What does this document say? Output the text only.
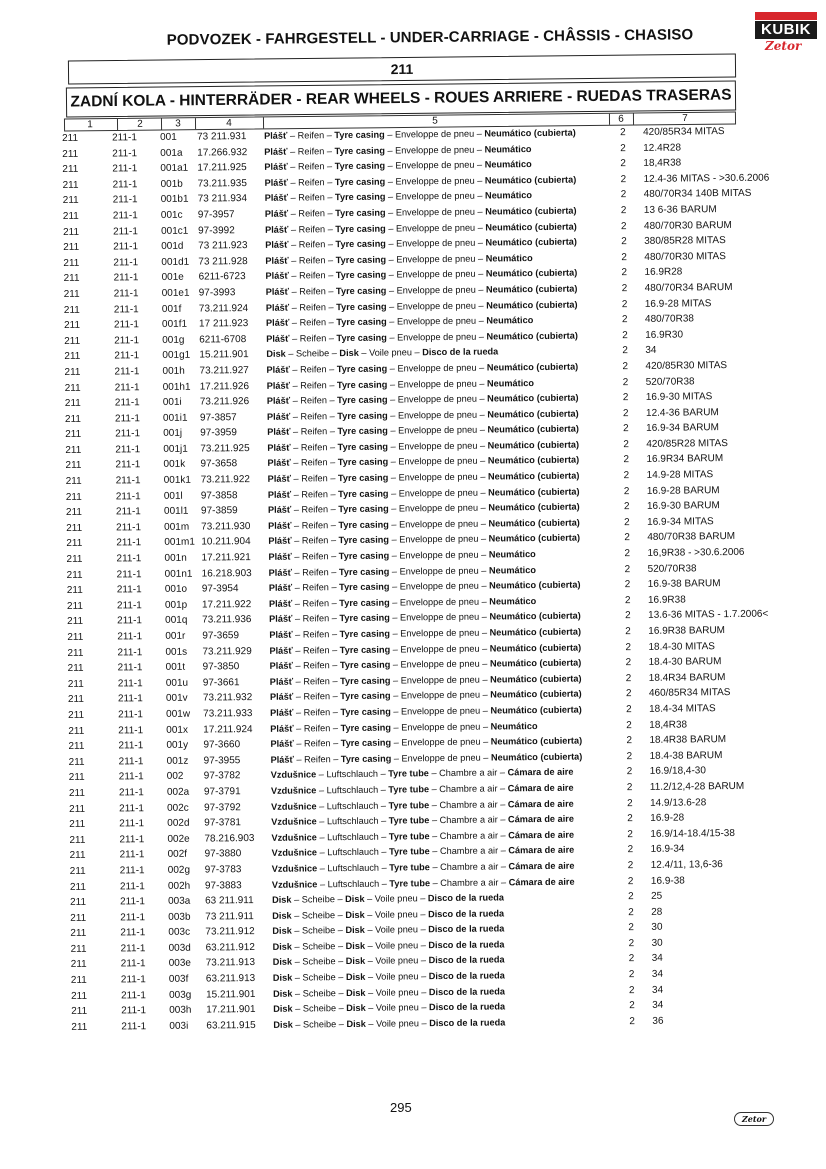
PODVOZEK - FAHRGESTELL - UNDER-CARRIAGE - CHÂSSIS - CHASISO	KUBIK
Zetor
211
ZADNÍ KOLA - HINTERRÄDER - REAR WHEELS - ROUES ARRIERE - RUEDAS TRASERAS
1	2	3	4	5	6	7
211	211-1 001	73 211.931 Plášť – Reifen – Tyre casing – Enveloppe de pneu – Neumático (cubierta)	2 420/85R34 MITAS
211	211-1 001a	17.266.932 Plášť – Reifen – Tyre casing – Enveloppe de pneu – Neumático	2 12.4R28
211	211-1 001a1 17.211.925 Plášť – Reifen – Tyre casing – Enveloppe de pneu – Neumático	2 18,4R38
211	211-1 001b	73.211.935 Plášť – Reifen – Tyre casing – Enveloppe de pneu – Neumático (cubierta)	2 12.4-36 MITAS - >30.6.2006
211	211-1 001b1 73 211.934 Plášť – Reifen – Tyre casing – Enveloppe de pneu – Neumático	2 480/70R34 140B MITAS
211	211-1 001c	97-3957	Plášť – Reifen – Tyre casing – Enveloppe de pneu – Neumático (cubierta)	2 13 6-36 BARUM
211	211-1 001c1 97-3992	Plášť – Reifen – Tyre casing – Enveloppe de pneu – Neumático (cubierta)	2 480/70R30 BARUM
211	211-1 001d	73 211.923 Plášť – Reifen – Tyre casing – Enveloppe de pneu – Neumático (cubierta)	2 380/85R28 MITAS
211	211-1 001d1 73 211.928 Plášť – Reifen – Tyre casing – Enveloppe de pneu – Neumático	2 480/70R30 MITAS
211	211-1 001e	6211-6723 Plášť – Reifen – Tyre casing – Enveloppe de pneu – Neumático (cubierta)	2 16.9R28
211	211-1 001e1 97-3993	Plášť – Reifen – Tyre casing – Enveloppe de pneu – Neumático (cubierta)	2 480/70R34 BARUM
211	211-1 001f	73.211.924 Plášť – Reifen – Tyre casing – Enveloppe de pneu – Neumático (cubierta)	2 16.9-28 MITAS
211	211-1 001f1	17 211.923 Plášť – Reifen – Tyre casing – Enveloppe de pneu – Neumático	2 480/70R38
211	211-1 001g	6211-6708 Plášť – Reifen – Tyre casing – Enveloppe de pneu – Neumático (cubierta)	2 16.9R30
211	211-1 001g1 15.211.901 Disk – Scheibe – Disk – Voile pneu – Disco de la rueda	2 34
211	211-1 001h	73.211.927 Plášť – Reifen – Tyre casing – Enveloppe de pneu – Neumático (cubierta)	2 420/85R30 MITAS
211	211-1 001h1 17.211.926 Plášť – Reifen – Tyre casing – Enveloppe de pneu – Neumático	2 520/70R38
211	211-1 001i	73.211.926 Plášť – Reifen – Tyre casing – Enveloppe de pneu – Neumático (cubierta)	2 16.9-30 MITAS
211	211-1 001i1	97-3857	Plášť – Reifen – Tyre casing – Enveloppe de pneu – Neumático (cubierta)	2 12.4-36 BARUM
211	211-1 001j	97-3959	Plášť – Reifen – Tyre casing – Enveloppe de pneu – Neumático (cubierta)	2 16.9-34 BARUM
211	211-1 001j1	73.211.925 Plášť – Reifen – Tyre casing – Enveloppe de pneu – Neumático (cubierta)	2 420/85R28 MITAS
211	211-1 001k	97-3658	Plášť – Reifen – Tyre casing – Enveloppe de pneu – Neumático (cubierta)	2 16.9R34 BARUM
211	211-1 001k1 73.211.922 Plášť – Reifen – Tyre casing – Enveloppe de pneu – Neumático (cubierta)	2 14.9-28 MITAS
211	211-1 001l	97-3858	Plášť – Reifen – Tyre casing – Enveloppe de pneu – Neumático (cubierta)	2 16.9-28 BARUM
211	211-1 001l1	97-3859	Plášť – Reifen – Tyre casing – Enveloppe de pneu – Neumático (cubierta)	2 16.9-30 BARUM
211	211-1 001m	73.211.930 Plášť – Reifen – Tyre casing – Enveloppe de pneu – Neumático (cubierta)	2 16.9-34 MITAS
211	211-1 001m1 10.211.904 Plášť – Reifen – Tyre casing – Enveloppe de pneu – Neumático (cubierta)	2 480/70R38 BARUM
211	211-1 001n	17.211.921 Plášť – Reifen – Tyre casing – Enveloppe de pneu – Neumático	2 16,9R38 - >30.6.2006
211	211-1 001n1 16.218.903 Plášť – Reifen – Tyre casing – Enveloppe de pneu – Neumático	2 520/70R38
211	211-1 001o	97-3954	Plášť – Reifen – Tyre casing – Enveloppe de pneu – Neumático (cubierta)	2 16.9-38 BARUM
211	211-1 001p	17.211.922 Plášť – Reifen – Tyre casing – Enveloppe de pneu – Neumático	2 16.9R38
211	211-1 001q	73.211.936 Plášť – Reifen – Tyre casing – Enveloppe de pneu – Neumático (cubierta)	2 13.6-36 MITAS - 1.7.2006<
211	211-1 001r	97-3659	Plášť – Reifen – Tyre casing – Enveloppe de pneu – Neumático (cubierta)	2 16.9R38 BARUM
211	211-1 001s	73.211.929 Plášť – Reifen – Tyre casing – Enveloppe de pneu – Neumático (cubierta)	2 18.4-30 MITAS
211	211-1 001t	97-3850	Plášť – Reifen – Tyre casing – Enveloppe de pneu – Neumático (cubierta)	2 18.4-30 BARUM
211	211-1 001u	97-3661	Plášť – Reifen – Tyre casing – Enveloppe de pneu – Neumático (cubierta)	2 18.4R34 BARUM
211	211-1 001v	73.211.932 Plášť – Reifen – Tyre casing – Enveloppe de pneu – Neumático (cubierta)	2 460/85R34 MITAS
211	211-1 001w	73.211.933 Plášť – Reifen – Tyre casing – Enveloppe de pneu – Neumático (cubierta)	2 18.4-34 MITAS
211	211-1 001x	17.211.924 Plášť – Reifen – Tyre casing – Enveloppe de pneu – Neumático	2 18,4R38
211	211-1 001y	97-3660	Plášť – Reifen – Tyre casing – Enveloppe de pneu – Neumático (cubierta)	2 18.4R38 BARUM
211	211-1 001z	97-3955	Plášť – Reifen – Tyre casing – Enveloppe de pneu – Neumático (cubierta)	2 18.4-38 BARUM
211	211-1 002	97-3782	Vzdušnice – Luftschlauch – Tyre tube – Chambre a air – Cámara de aire	2 16.9/18,4-30
211	211-1 002a	97-3791	Vzdušnice – Luftschlauch – Tyre tube – Chambre a air – Cámara de aire	2 11.2/12,4-28 BARUM
211	211-1 002c	97-3792	Vzdušnice – Luftschlauch – Tyre tube – Chambre a air – Cámara de aire	2 14.9/13.6-28
211	211-1 002d	97-3781	Vzdušnice – Luftschlauch – Tyre tube – Chambre a air – Cámara de aire	2 16.9-28
211	211-1 002e	78.216.903 Vzdušnice – Luftschlauch – Tyre tube – Chambre a air – Cámara de aire	2 16.9/14-18.4/15-38
211	211-1 002f	97-3880	Vzdušnice – Luftschlauch – Tyre tube – Chambre a air – Cámara de aire	2 16.9-34
211	211-1 002g	97-3783	Vzdušnice – Luftschlauch – Tyre tube – Chambre a air – Cámara de aire	2 12.4/11, 13,6-36
211	211-1 002h	97-3883	Vzdušnice – Luftschlauch – Tyre tube – Chambre a air – Cámara de aire	2 16.9-38
211	211-1 003a	63 211.911 Disk – Scheibe – Disk – Voile pneu – Disco de la rueda	2 25
211	211-1 003b	73 211.911 Disk – Scheibe – Disk – Voile pneu – Disco de la rueda	2 28
211	211-1 003c	73.211.912 Disk – Scheibe – Disk – Voile pneu – Disco de la rueda	2 30
211	211-1 003d	63.211.912 Disk – Scheibe – Disk – Voile pneu – Disco de la rueda	2 30
211	211-1 003e	73.211.913 Disk – Scheibe – Disk – Voile pneu – Disco de la rueda	2 34
211	211-1 003f	63.211.913 Disk – Scheibe – Disk – Voile pneu – Disco de la rueda	2 34
211	211-1 003g	15.211.901 Disk – Scheibe – Disk – Voile pneu – Disco de la rueda	2 34
211	211-1 003h	17.211.901 Disk – Scheibe – Disk – Voile pneu – Disco de la rueda	2 34
211	211-1 003i	63.211.915 Disk – Scheibe – Disk – Voile pneu – Disco de la rueda	2 36
295
Zetor
